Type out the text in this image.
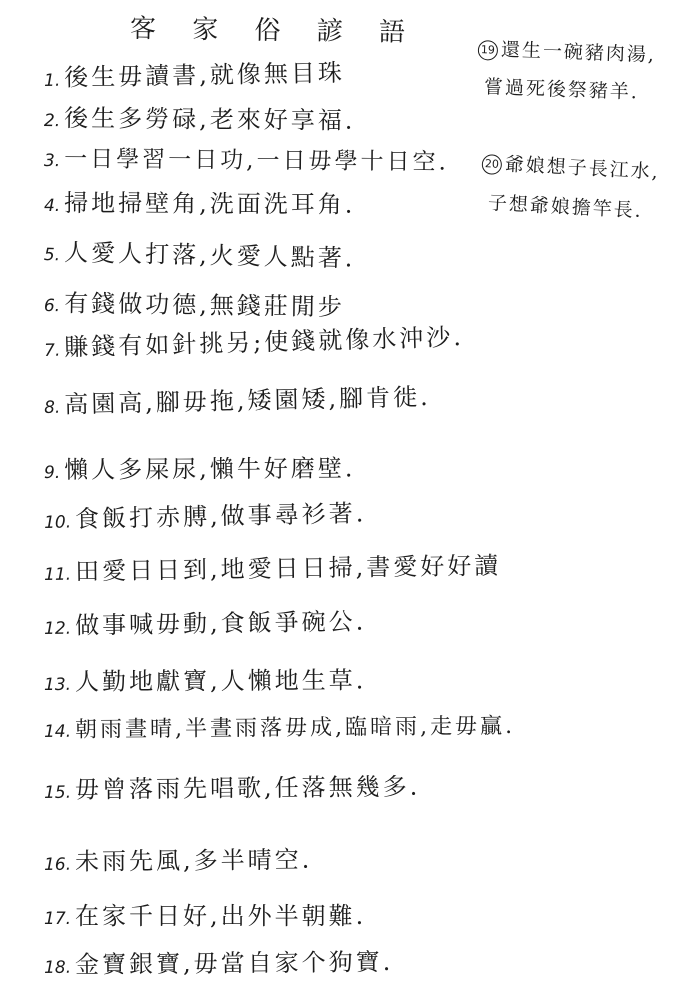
客 家 俗 諺 語
1. 後生毋讀書,就像無目珠
2. 後生多勞碌,老來好享福.
3. 一日學習一日功,一日毋學十日空.
4. 掃地掃壁角,洗面洗耳角.
5. 人愛人打落,火愛人點著.
6. 有錢做功德,無錢莊閒步
7. 賺錢有如針挑另;使錢就像水沖沙.
8. 高園高,腳毋拖,矮園矮,腳肯徙.
9. 懶人多屎尿,懶牛好磨壁.
10. 食飯打赤膊,做事尋衫著.
11. 田愛日日到,地愛日日掃,書愛好好讀
12. 做事喊毋動,食飯爭碗公.
13. 人勤地獻寶,人懶地生草.
14. 朝雨晝晴,半晝雨落毋成,臨暗雨,走毋贏.
15. 毋曾落雨先唱歌,任落無幾多.
16. 未雨先風,多半晴空.
17. 在家千日好,出外半朝難.
18. 金寶銀寶,毋當自家个狗寶.
19 還生一碗豬肉湯,
嘗過死後祭豬羊.
20 爺娘想子長江水,
子想爺娘擔竿長.
